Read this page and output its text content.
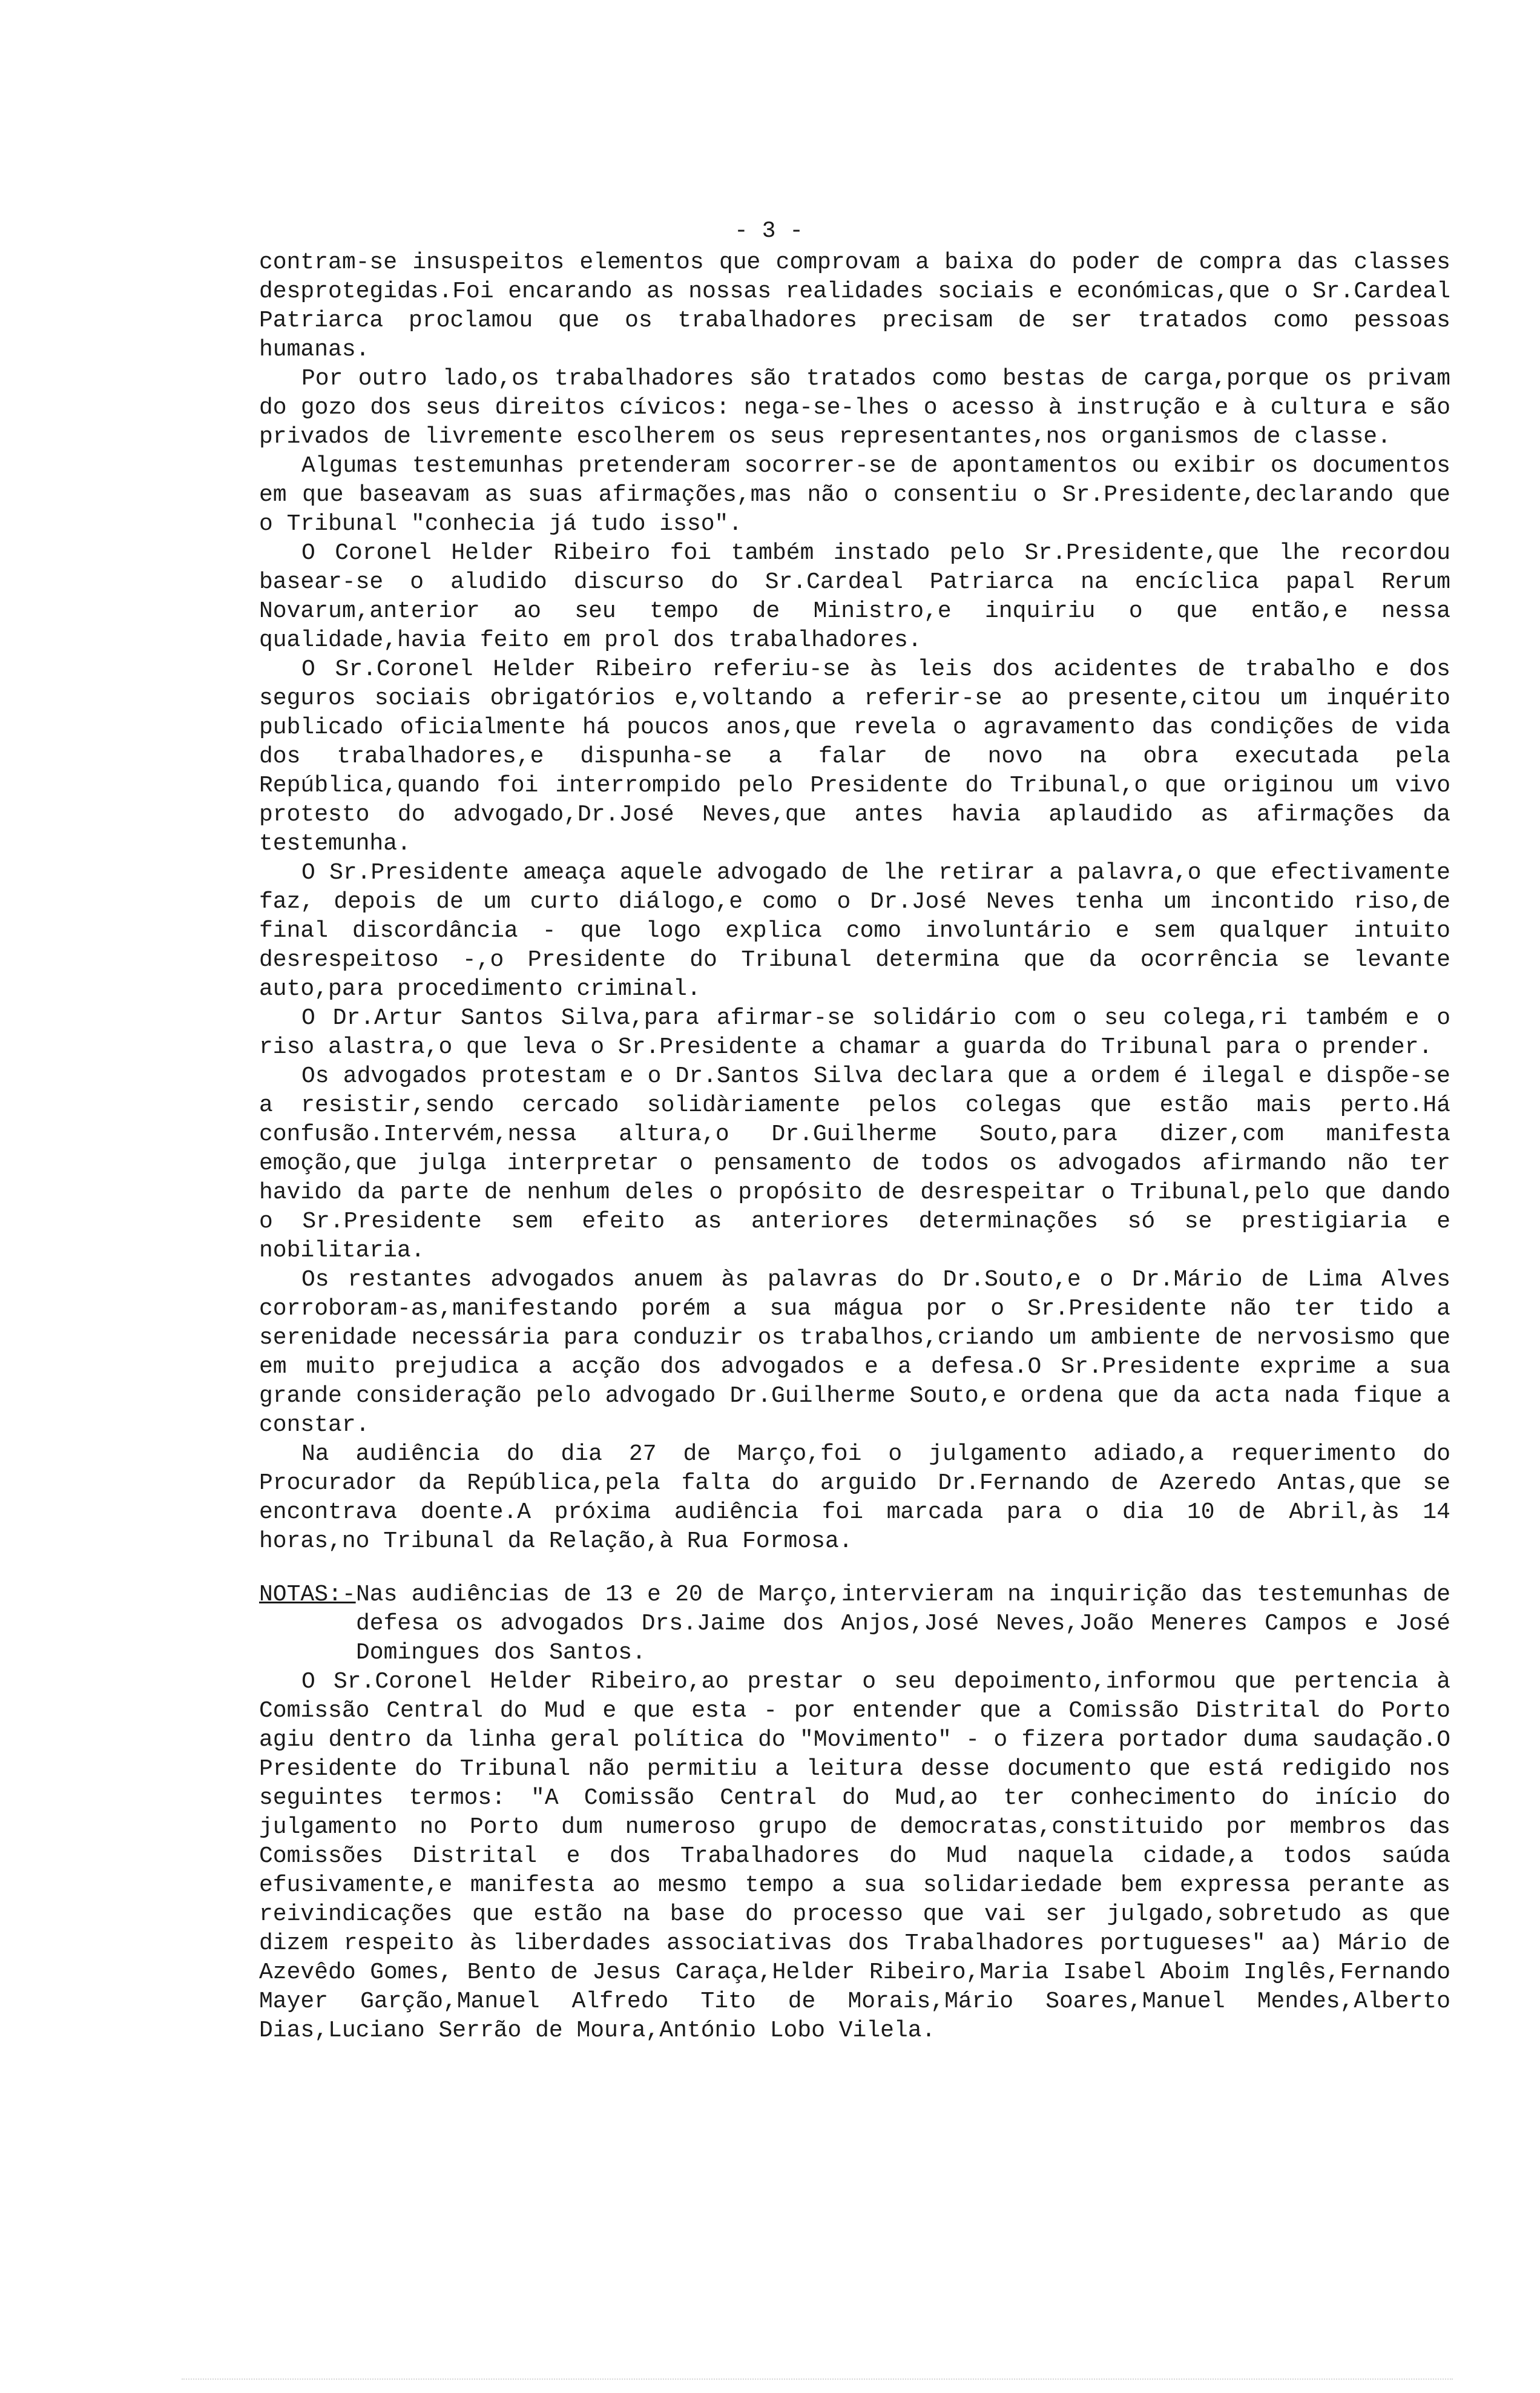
- 3 -

contram-se insuspeitos elementos que comprovam a baixa do poder de compra das classes desprotegidas.Foi encarando as nossas realidades sociais e económicas,que o Sr.Cardeal Patriarca proclamou que os trabalhadores precisam de ser tratados como pessoas humanas.

Por outro lado,os trabalhadores são tratados como bestas de carga,porque os privam do gozo dos seus direitos cívicos: nega-se-lhes o acesso à instrução e à cultura e são privados de livremente escolherem os seus representantes,nos organismos de classe.

Algumas testemunhas pretenderam socorrer-se de apontamentos ou exibir os documentos em que baseavam as suas afirmações,mas não o consentiu o Sr.Presidente,declarando que o Tribunal "conhecia já tudo isso".

O Coronel Helder Ribeiro foi também instado pelo Sr.Presidente,que lhe recordou basear-se o aludido discurso do Sr.Cardeal Patriarca na encíclica papal Rerum Novarum,anterior ao seu tempo de Ministro,e inquiriu o que então,e nessa qualidade,havia feito em prol dos trabalhadores.

O Sr.Coronel Helder Ribeiro referiu-se às leis dos acidentes de trabalho e dos seguros sociais obrigatórios e,voltando a referir-se ao presente,citou um inquérito publicado oficialmente há poucos anos,que revela o agravamento das condições de vida dos trabalhadores,e dispunha-se a falar de novo na obra executada pela República,quando foi interrompido pelo Presidente do Tribunal,o que originou um vivo protesto do advogado,Dr.José Neves,que antes havia aplaudido as afirmações da testemunha.

O Sr.Presidente ameaça aquele advogado de lhe retirar a palavra,o que efectivamente faz, depois de um curto diálogo,e como o Dr.José Neves tenha um incontido riso,de final discordância - que logo explica como involuntário e sem qualquer intuito desrespeitoso -,o Presidente do Tribunal determina que da ocorrência se levante auto,para procedimento criminal.

O Dr.Artur Santos Silva,para afirmar-se solidário com o seu colega,ri também e o riso alastra,o que leva o Sr.Presidente a chamar a guarda do Tribunal para o prender.

Os advogados protestam e o Dr.Santos Silva declara que a ordem é ilegal e dispõe-se a resistir,sendo cercado solidàriamente pelos colegas que estão mais perto.Há confusão.Intervém,nessa altura,o Dr.Guilherme Souto,para dizer,com manifesta emoção,que julga interpretar o pensamento de todos os advogados afirmando não ter havido da parte de nenhum deles o propósito de desrespeitar o Tribunal,pelo que dando o Sr.Presidente sem efeito as anteriores determinações só se prestigiaria e nobilitaria.

Os restantes advogados anuem às palavras do Dr.Souto,e o Dr.Mário de Lima Alves corroboram-as,manifestando porém a sua mágua por o Sr.Presidente não ter tido a serenidade necessária para conduzir os trabalhos,criando um ambiente de nervosismo que em muito prejudica a acção dos advogados e a defesa.O Sr.Presidente exprime a sua grande consideração pelo advogado Dr.Guilherme Souto,e ordena que da acta nada fique a constar.

Na audiência do dia 27 de Março,foi o julgamento adiado,a requerimento do Procurador da República,pela falta do arguido Dr.Fernando de Azeredo Antas,que se encontrava doente.A próxima audiência foi marcada para o dia 10 de Abril,às 14 horas,no Tribunal da Relação,à Rua Formosa.

NOTAS:- Nas audiências de 13 e 20 de Março,intervieram na inquirição das testemunhas de defesa os advogados Drs.Jaime dos Anjos,José Neves,João Meneres Campos e José Domingues dos Santos.

O Sr.Coronel Helder Ribeiro,ao prestar o seu depoimento,informou que pertencia à Comissão Central do Mud e que esta - por entender que a Comissão Distrital do Porto agiu dentro da linha geral política do "Movimento" - o fizera portador duma saudação.O Presidente do Tribunal não permitiu a leitura desse documento que está redigido nos seguintes termos: "A Comissão Central do Mud,ao ter conhecimento do início do julgamento no Porto dum numeroso grupo de democratas,constituido por membros das Comissões Distrital e dos Trabalhadores do Mud naquela cidade,a todos saúda efusivamente,e manifesta ao mesmo tempo a sua solidariedade bem expressa perante as reivindicações que estão na base do processo que vai ser julgado,sobretudo as que dizem respeito às liberdades associativas dos Trabalhadores portugueses" aa) Mário de Azevêdo Gomes, Bento de Jesus Caraça,Helder Ribeiro,Maria Isabel Aboim Inglês,Fernando Mayer Garção,Manuel Alfredo Tito de Morais,Mário Soares,Manuel Mendes,Alberto Dias,Luciano Serrão de Moura,António Lobo Vilela.
